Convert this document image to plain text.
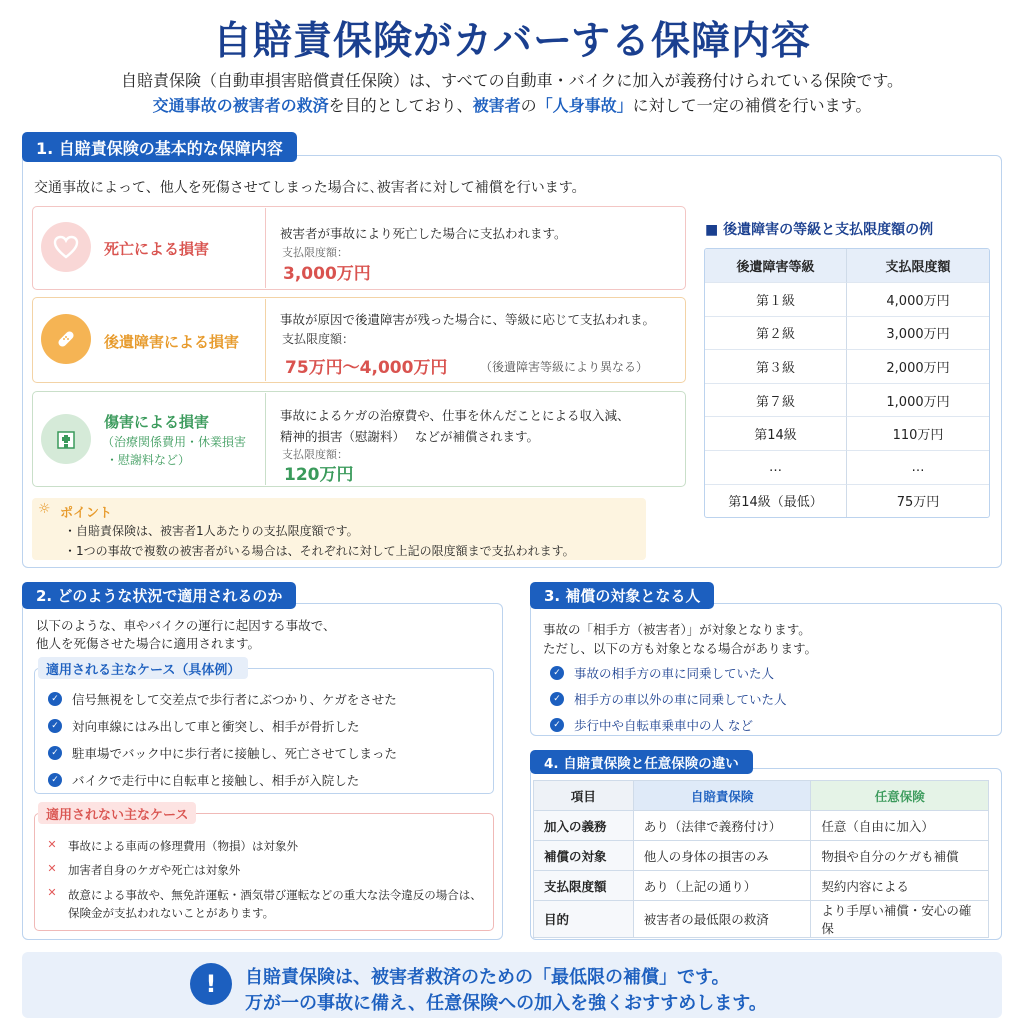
自賠責保険がカバーする保障内容
自賠責保険（自動車損害賠償責任保険）は、すべての自動車・バイクに加入が義務付けられている保険です。
交通事故の被害者の救済を目的としており、被害者の「人身事故」に対して一定の補償を行います。
1. 自賠責保険の基本的な保障内容
交通事故によって、他人を死傷させてしまった場合に､被害者に対して補償を行います。
死亡による損害
被害者が事故により死亡した場合に支払われます。
支払限度額：
3,000万円
後遺障害による損害
事故が原因で後遺障害が残った場合に、等級に応じて支払われま。
支払限度額：
75万円～4,000万円	（後遺障害等級により異なる）
傷害による損害
（治療関係費用・休業損害
・慰謝料など）
事故によるケガの治療費や、仕事を休んだことによる収入減、
精神的損害（慰謝料） などが補償されます。
支払限度額：
120万円
☼ ポイント
・自賠責保険は、被害者1人あたりの支払限度額です。
・1つの事故で複数の被害者がいる場合は、それぞれに対して上記の限度額まで支払われます。
■ 後遺障害の等級と支払限度額の例
後遺障害等級	支払限度額
第１級	4,000万円
第２級	3,000万円
第３級	2,000万円
第７級	1,000万円
第14級	110万円
…	…
第14級（最低）	75万円
2. どのような状況で適用されるのか
以下のような、車やバイクの運行に起因する事故で、
他人を死傷させた場合に適用されます。
適用される主なケース（具体例）
✓ 信号無視をして交差点で歩行者にぶつかり、ケガをさせた
✓ 対向車線にはみ出して車と衝突し、相手が骨折した
✓ 駐車場でバック中に歩行者に接触し、死亡させてしまった
✓ バイクで走行中に自転車と接触し、相手が入院した
適用されない主なケース
✕ 事故による車両の修理費用（物損）は対象外
✕ 加害者自身のケガや死亡は対象外
✕ 故意による事故や、無免許運転・酒気帯び運転などの重大な法令違反の場合は、
保険金が支払われないことがあります。
3. 補償の対象となる人
事故の「相手方（被害者）」が対象となります。
ただし、以下の方も対象となる場合があります。
✓ 事故の相手方の車に同乗していた人
✓ 相手方の車以外の車に同乗していた人
✓ 歩行中や自転車乗車中の人 など
4. 自賠責保険と任意保険の違い
項目	自賠責保険	任意保険
加入の義務	あり（法律で義務付け）	任意（自由に加入）
補償の対象	他人の身体の損害のみ	物損や自分のケガも補償
支払限度額	あり（上記の通り）	契約内容による
目的	被害者の最低限の救済	より手厚い補償・安心の確保
!	自賠責保険は、被害者救済のための「最低限の補償」です。
万が一の事故に備え、任意保険への加入を強くおすすめします。
